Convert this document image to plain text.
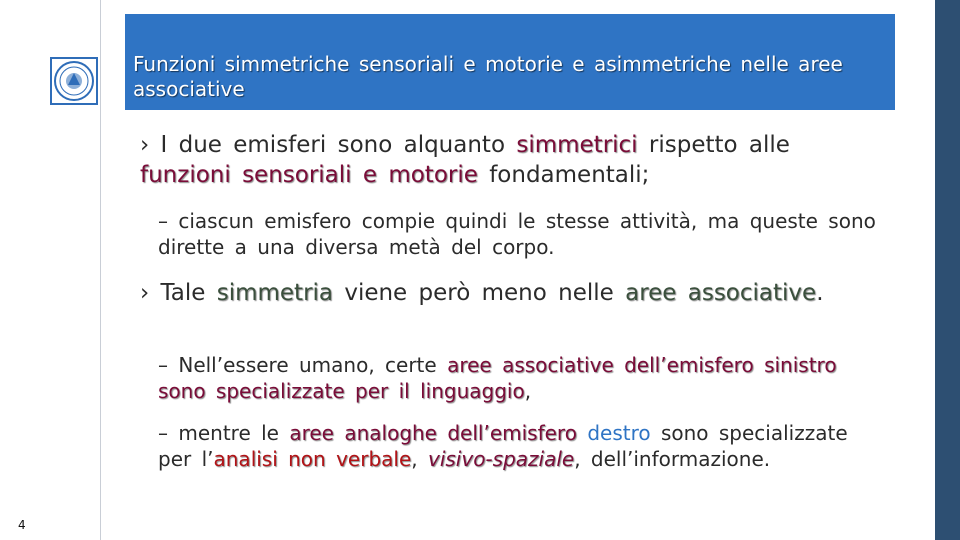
Funzioni simmetriche sensoriali e motorie e asimmetriche nelle aree associative
4
› I due emisferi sono alquanto simmetrici rispetto alle funzioni sensoriali e motorie fondamentali;
– ciascun emisfero compie quindi le stesse attività, ma queste sono dirette a una diversa metà del corpo.
› Tale simmetria viene però meno nelle aree associative.
– Nell’essere umano, certe aree associative dell’emisfero sinistro sono specializzate per il linguaggio,
– mentre le aree analoghe dell’emisfero destro sono specializzate per l’analisi non verbale, visivo-spaziale, dell’informazione.
